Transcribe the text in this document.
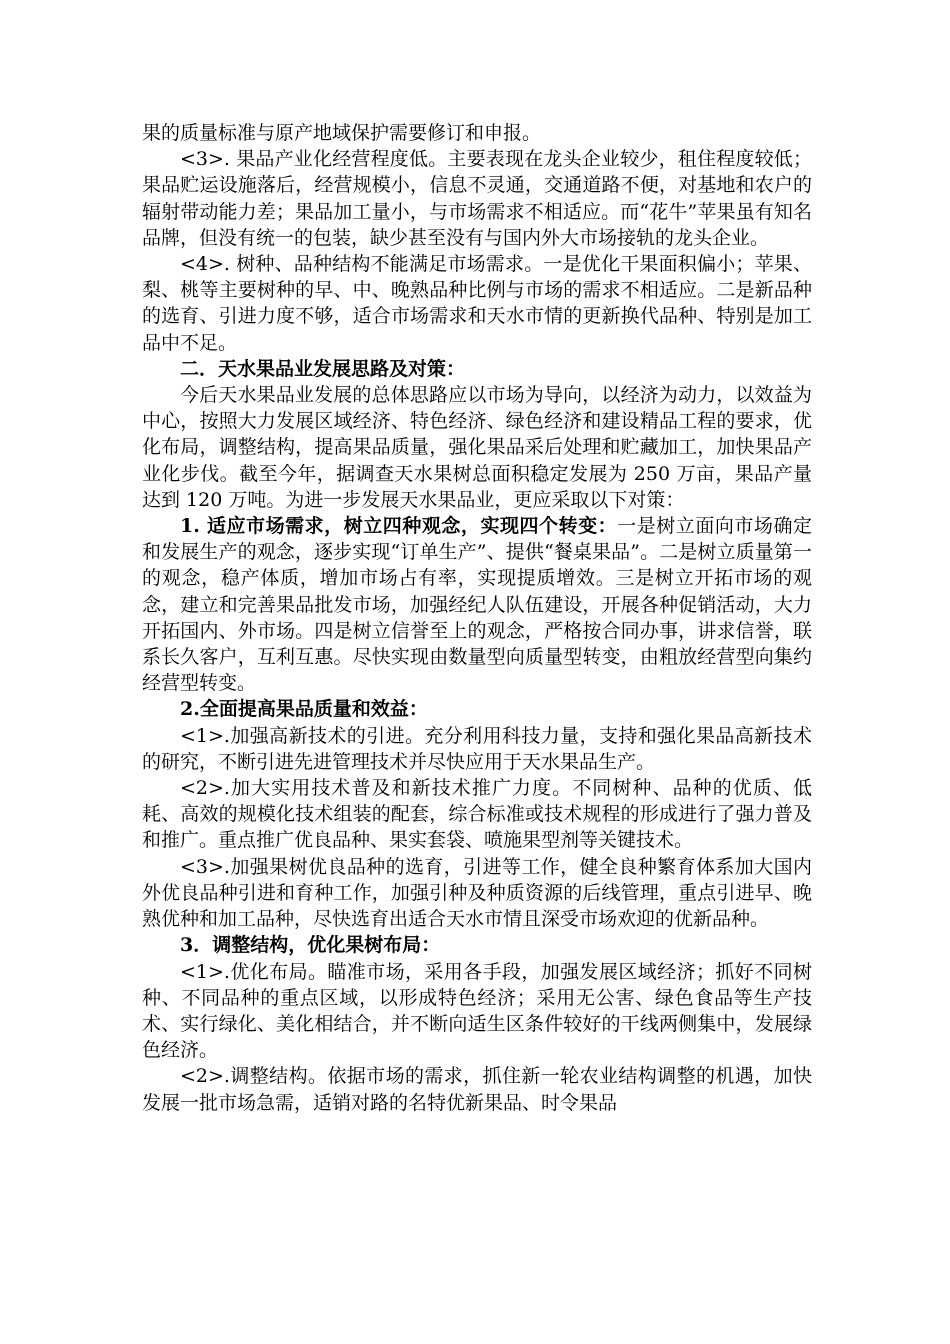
果的质量标准与原产地域保护需要修订和申报。

<3>. 果品产业化经营程度低。主要表现在龙头企业较少，租住程度较低；果品贮运设施落后，经营规模小，信息不灵通，交通道路不便，对基地和农户的辐射带动能力差；果品加工量小，与市场需求不相适应。而“花牛”苹果虽有知名品牌，但没有统一的包装，缺少甚至没有与国内外大市场接轨的龙头企业。

<4>. 树种、品种结构不能满足市场需求。一是优化干果面积偏小；苹果、梨、桃等主要树种的早、中、晚熟品种比例与市场的需求不相适应。二是新品种的选育、引进力度不够，适合市场需求和天水市情的更新换代品种、特别是加工品中不足。

二．天水果品业发展思路及对策：

今后天水果品业发展的总体思路应以市场为导向，以经济为动力，以效益为中心，按照大力发展区域经济、特色经济、绿色经济和建设精品工程的要求，优化布局，调整结构，提高果品质量，强化果品采后处理和贮藏加工，加快果品产业化步伐。截至今年，据调查天水果树总面积稳定发展为 250 万亩，果品产量达到 120 万吨。为进一步发展天水果品业，更应采取以下对策：

1. 适应市场需求，树立四种观念，实现四个转变：一是树立面向市场确定和发展生产的观念，逐步实现“订单生产”、提供“餐桌果品”。二是树立质量第一的观念，稳产体质，增加市场占有率，实现提质增效。三是树立开拓市场的观念，建立和完善果品批发市场，加强经纪人队伍建设，开展各种促销活动，大力开拓国内、外市场。四是树立信誉至上的观念，严格按合同办事，讲求信誉，联系长久客户，互利互惠。尽快实现由数量型向质量型转变，由粗放经营型向集约经营型转变。

2.全面提高果品质量和效益：

<1>.加强高新技术的引进。充分利用科技力量，支持和强化果品高新技术的研究，不断引进先进管理技术并尽快应用于天水果品生产。

<2>.加大实用技术普及和新技术推广力度。不同树种、品种的优质、低耗、高效的规模化技术组装的配套，综合标准或技术规程的形成进行了强力普及和推广。重点推广优良品种、果实套袋、喷施果型剂等关键技术。

<3>.加强果树优良品种的选育，引进等工作，健全良种繁育体系加大国内外优良品种引进和育种工作，加强引种及种质资源的后线管理，重点引进早、晚熟优种和加工品种，尽快选育出适合天水市情且深受市场欢迎的优新品种。

3．调整结构，优化果树布局：

<1>.优化布局。瞄准市场，采用各手段，加强发展区域经济；抓好不同树种、不同品种的重点区域，以形成特色经济；采用无公害、绿色食品等生产技术、实行绿化、美化相结合，并不断向适生区条件较好的干线两侧集中，发展绿色经济。

<2>.调整结构。依据市场的需求，抓住新一轮农业结构调整的机遇，加快发展一批市场急需，适销对路的名特优新果品、时令果品
